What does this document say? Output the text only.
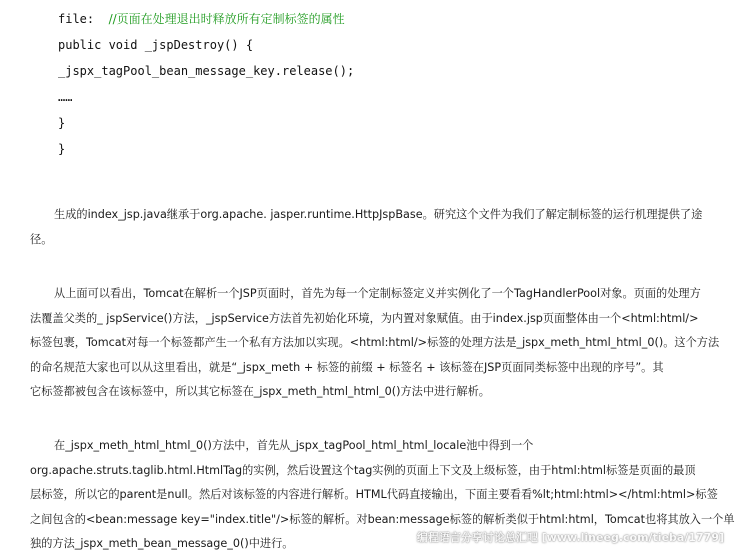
file:  //页面在处理退出时释放所有定制标签的属性
public void _jspDestroy() {
_jspx_tagPool_bean_message_key.release();
……
}
}
生成的index_jsp.java继承于org.apache. jasper.runtime.HttpJspBase。研究这个文件为我们了解定制标签的运行机理提供了途
径。
从上面可以看出，Tomcat在解析一个JSP页面时，首先为每一个定制标签定义并实例化了一个TagHandlerPool对象。页面的处理方
法覆盖父类的_ jspService()方法，_jspService方法首先初始化环境，为内置对象赋值。由于index.jsp页面整体由一个<html:html/>
标签包裹，Tomcat对每一个标签都产生一个私有方法加以实现。<html:html/>标签的处理方法是_jspx_meth_html_html_0()。这个方法
的命名规范大家也可以从这里看出，就是“_jspx_meth + 标签的前缀 + 标签名 + 该标签在JSP页面同类标签中出现的序号”。其
它标签都被包含在该标签中，所以其它标签在_jspx_meth_html_html_0()方法中进行解析。
在_jspx_meth_html_html_0()方法中，首先从_jspx_tagPool_html_html_locale池中得到一个
org.apache.struts.taglib.html.HtmlTag的实例，然后设置这个tag实例的页面上下文及上级标签，由于html:html标签是页面的最顶
层标签，所以它的parent是null。然后对该标签的内容进行解析。HTML代码直接输出，下面主要看看%lt;html:html></html:html>标签
之间包含的<bean:message key="index.title"/>标签的解析。对bean:message标签的解析类似于html:html，Tomcat也将其放入一个单
独的方法_jspx_meth_bean_message_0()中进行。	编程语言分享讨论总汇吧 [www.lineeg.com/tieba/1779]
